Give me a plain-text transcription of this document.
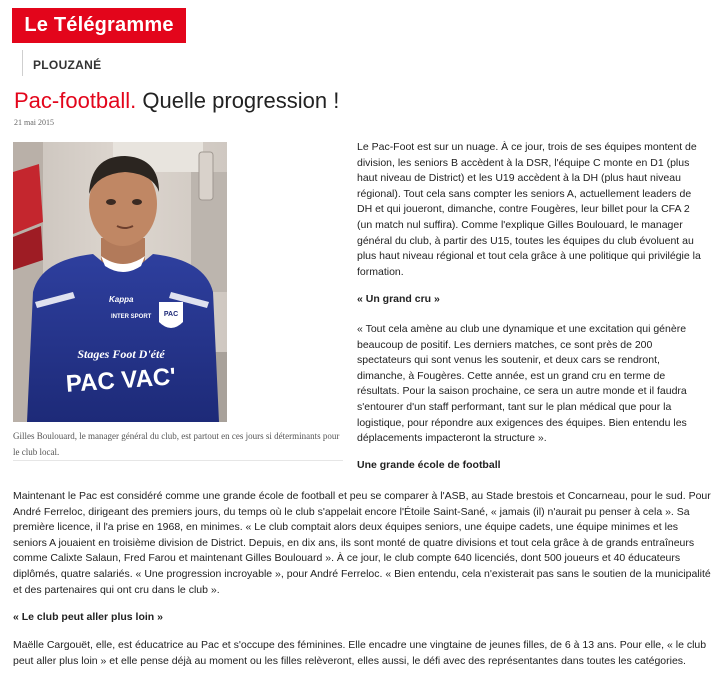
Le Télégramme
PLOUZANÉ
Pac-football. Quelle progression !
21 mai 2015
PAC
Kappa
INTER SPORT
Stages Foot D'été
PAC VAC'
Gilles Boulouard, le manager général du club, est partout en ces jours si déterminants pour le club local.
Le Pac-Foot est sur un nuage. À ce jour, trois de ses équipes montent de division, les seniors B accèdent à la DSR, l'équipe C monte en D1 (plus haut niveau de District) et les U19 accèdent à la DH (plus haut niveau régional). Tout cela sans compter les seniors A, actuellement leaders de DH et qui joueront, dimanche, contre Fougères, leur billet pour la CFA 2 (un match nul suffira). Comme l'explique Gilles Boulouard, le manager général du club, à partir des U15, toutes les équipes du club évoluent au plus haut niveau régional et tout cela grâce à une politique qui privilégie la formation.
« Un grand cru »
« Tout cela amène au club une dynamique et une excitation qui génère beaucoup de positif. Les derniers matches, ce sont près de 200 spectateurs qui sont venus les soutenir, et deux cars se rendront, dimanche, à Fougères. Cette année, est un grand cru en terme de résultats. Pour la saison prochaine, ce sera un autre monde et il faudra s'entourer d'un staff performant, tant sur le plan médical que pour la logistique, pour répondre aux exigences des équipes. Bien entendu les déplacements impacteront la structure ».
Une grande école de football
Maintenant le Pac est considéré comme une grande école de football et peu se comparer à l'ASB, au Stade brestois et Concarneau, pour le sud. Pour André Ferreloc, dirigeant des premiers jours, du temps où le club s'appelait encore l'Étoile Saint-Sané, « jamais (il) n'aurait pu penser à cela ». Sa première licence, il l'a prise en 1968, en minimes. « Le club comptait alors deux équipes seniors, une équipe cadets, une équipe minimes et les seniors A jouaient en troisième division de District. Depuis, en dix ans, ils sont monté de quatre divisions et tout cela grâce à de grands entraîneurs comme Calixte Salaun, Fred Farou et maintenant Gilles Boulouard ». À ce jour, le club compte 640 licenciés, dont 500 joueurs et 40 éducateurs diplômés, quatre salariés. « Une progression incroyable », pour André Ferreloc. « Bien entendu, cela n'existerait pas sans le soutien de la municipalité et des partenaires qui ont cru dans le club ».
« Le club peut aller plus loin »
Maëlle Cargouët, elle, est éducatrice au Pac et s'occupe des féminines. Elle encadre une vingtaine de jeunes filles, de 6 à 13 ans. Pour elle, « le club peut aller plus loin » et elle pense déjà au moment ou les filles relèveront, elles aussi, le défi avec des représentantes dans toutes les catégories.
